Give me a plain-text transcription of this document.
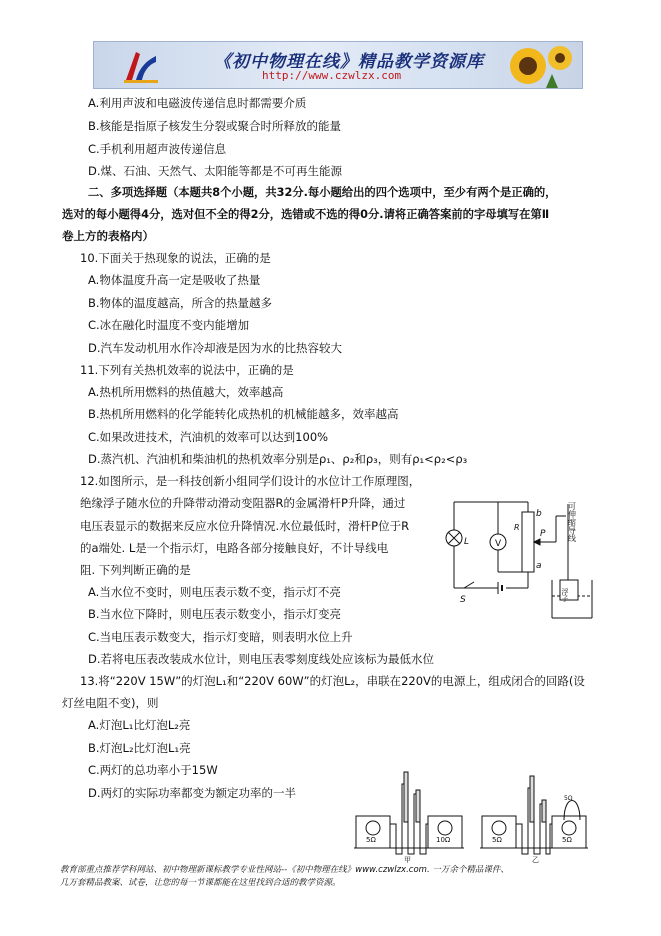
《初中物理在线》精品教学资源库
http://www.czwlzx.com
A.利用声波和电磁波传递信息时都需要介质
B.核能是指原子核发生分裂或聚合时所释放的能量
C.手机利用超声波传递信息
D.煤、石油、天然气、太阳能等都是不可再生能源
二、多项选择题（本题共8个小题，共32分.每小题给出的四个选项中，至少有两个是正确的，
选对的每小题得4分，选对但不全的得2分，选错或不选的得0分.请将正确答案前的字母填写在第Ⅱ
卷上方的表格内）
10.下面关于热现象的说法，正确的是
A.物体温度升高一定是吸收了热量
B.物体的温度越高，所含的热量越多
C.冰在融化时温度不变内能增加
D.汽车发动机用水作冷却液是因为水的比热容较大
11.下列有关热机效率的说法中，正确的是
A.热机所用燃料的热值越大，效率越高
B.热机所用燃料的化学能转化成热机的机械能越多，效率越高
C.如果改进技术，汽油机的效率可以达到100%
D.蒸汽机、汽油机和柴油机的热机效率分别是ρ₁、ρ₂和ρ₃，则有ρ₁<ρ₂<ρ₃
12.如图所示，是一科技创新小组同学们设计的水位计工作原理图，
绝缘浮子随水位的升降带动滑动变阻器R的金属滑杆P升降，通过
电压表显示的数据来反应水位升降情况.水位最低时，滑杆P位于R
的a端处. L是一个指示灯，电路各部分接触良好，不计导线电
阻. 下列判断正确的是
A.当水位不变时，则电压表示数不变，指示灯不亮
B.当水位下降时，则电压表示数变小，指示灯变亮
C.当电压表示数变大，指示灯变暗，则表明水位上升
D.若将电压表改装成水位计，则电压表零刻度线处应该标为最低水位
L	V
R
P
a
b
S
可伸缩导线
浮子
13.将“220V 15W”的灯泡L₁和“220V 60W”的灯泡L₂，串联在220V的电源上，组成闭合的回路(设
灯丝电阻不变)，则
A.灯泡L₁比灯泡L₂亮
B.灯泡L₂比灯泡L₁亮
C.两灯的总功率小于15W
D.两灯的实际功率都变为额定功率的一半
5Ω	10Ω	5Ω	5Ω
5Ω
甲	乙
教育部重点推荐学科网站、初中物理新课标教学专业性网站--《初中物理在线》www.czwlzx.com. 一万余个精品课件、
几万套精品教案、试卷，让您的每一节课都能在这里找到合适的教学资源。
